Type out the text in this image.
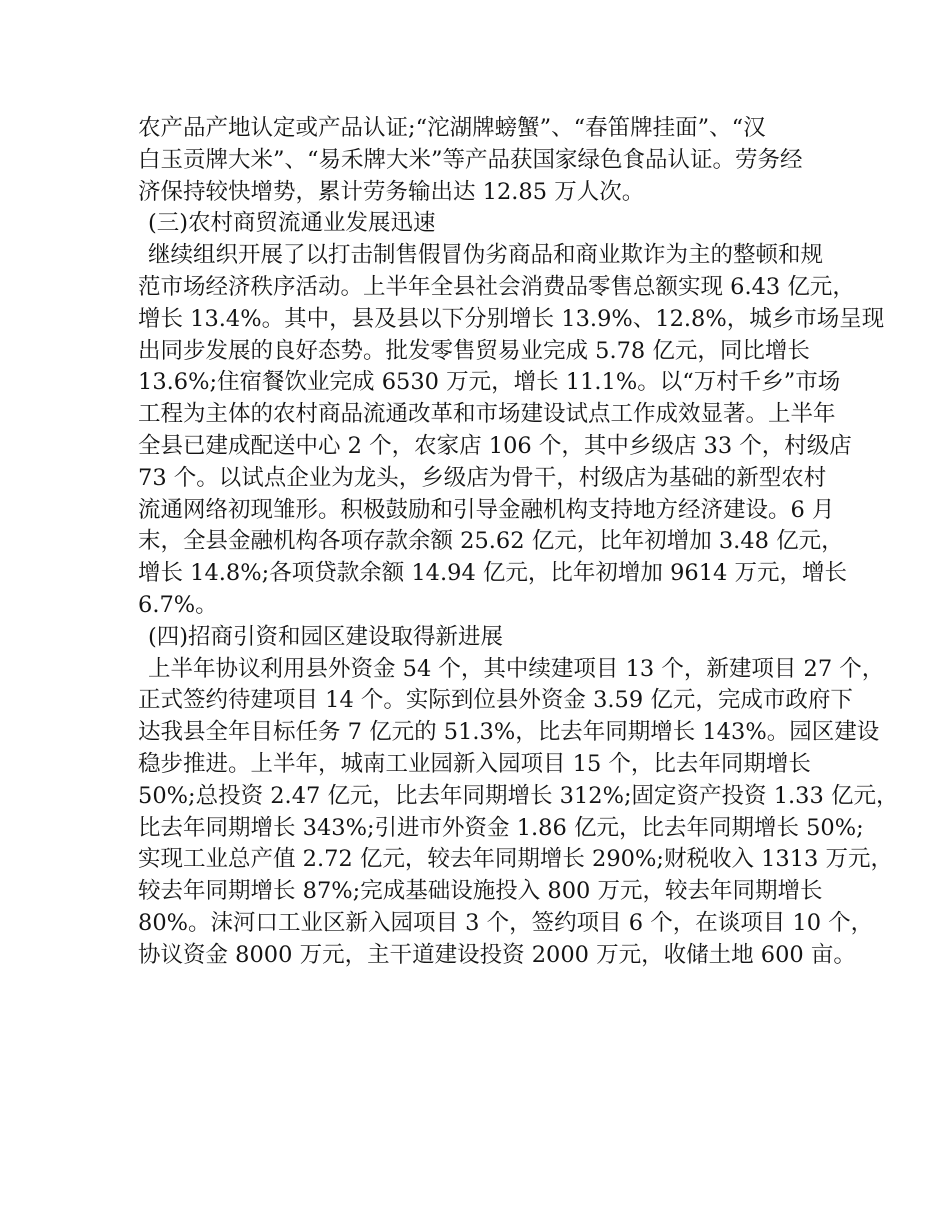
农产品产地认定或产品认证;“沱湖牌螃蟹”、“春笛牌挂面”、“汉
白玉贡牌大米”、“易禾牌大米”等产品获国家绿色食品认证。劳务经
济保持较快增势，累计劳务输出达 12.85 万人次。
(三)农村商贸流通业发展迅速
继续组织开展了以打击制售假冒伪劣商品和商业欺诈为主的整顿和规
范市场经济秩序活动。上半年全县社会消费品零售总额实现 6.43 亿元，
增长 13.4%。其中，县及县以下分别增长 13.9%、12.8%，城乡市场呈现
出同步发展的良好态势。批发零售贸易业完成 5.78 亿元，同比增长
13.6%;住宿餐饮业完成 6530 万元，增长 11.1%。以“万村千乡”市场
工程为主体的农村商品流通改革和市场建设试点工作成效显著。上半年
全县已建成配送中心 2 个，农家店 106 个，其中乡级店 33 个，村级店
73 个。以试点企业为龙头，乡级店为骨干，村级店为基础的新型农村
流通网络初现雏形。积极鼓励和引导金融机构支持地方经济建设。6 月
末，全县金融机构各项存款余额 25.62 亿元，比年初增加 3.48 亿元，
增长 14.8%;各项贷款余额 14.94 亿元，比年初增加 9614 万元，增长
6.7%。
(四)招商引资和园区建设取得新进展
上半年协议利用县外资金 54 个，其中续建项目 13 个，新建项目 27 个，
正式签约待建项目 14 个。实际到位县外资金 3.59 亿元，完成市政府下
达我县全年目标任务 7 亿元的 51.3%，比去年同期增长 143%。园区建设
稳步推进。上半年，城南工业园新入园项目 15 个，比去年同期增长
50%;总投资 2.47 亿元，比去年同期增长 312%;固定资产投资 1.33 亿元，
比去年同期增长 343%;引进市外资金 1.86 亿元，比去年同期增长 50%;
实现工业总产值 2.72 亿元，较去年同期增长 290%;财税收入 1313 万元，
较去年同期增长 87%;完成基础设施投入 800 万元，较去年同期增长
80%。沫河口工业区新入园项目 3 个，签约项目 6 个，在谈项目 10 个，
协议资金 8000 万元，主干道建设投资 2000 万元，收储土地 600 亩。
